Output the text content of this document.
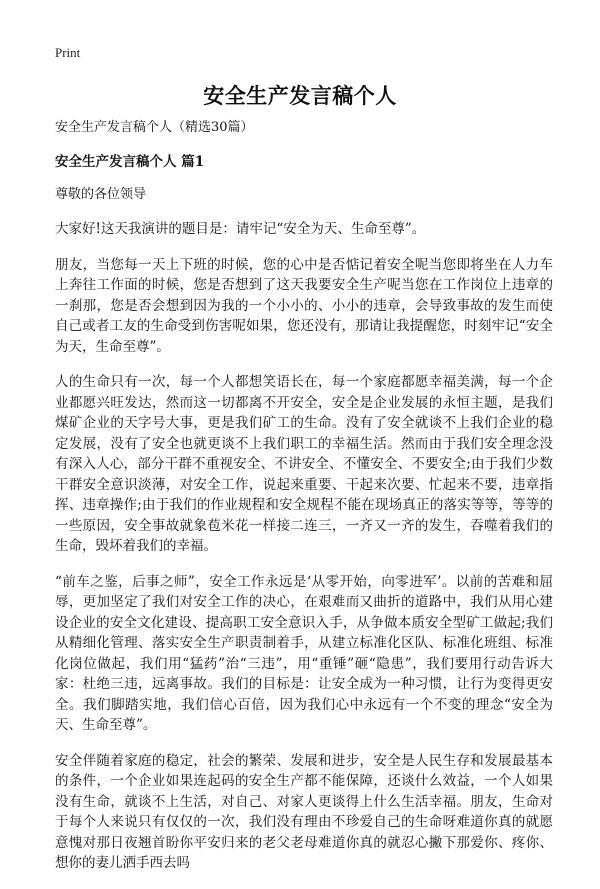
Print
安全生产发言稿个人

安全生产发言稿个人（精选30篇）

安全生产发言稿个人 篇1

尊敬的各位领导

大家好!这天我演讲的题目是：请牢记“安全为天、生命至尊”。

朋友，当您每一天上下班的时候，您的心中是否惦记着安全呢当您即将坐在人力车上奔往工作面的时候，您是否想到了这天我要安全生产呢当您在工作岗位上违章的一刹那，您是否会想到因为我的一个小小的、小小的违章，会导致事故的发生而使自己或者工友的生命受到伤害呢如果，您还没有，那请让我提醒您，时刻牢记“安全为天，生命至尊”。

人的生命只有一次，每一个人都想笑语长在，每一个家庭都愿幸福美满，每一个企业都愿兴旺发达，然而这一切都离不开安全，安全是企业发展的永恒主题，是我们煤矿企业的天字号大事，更是我们矿工的生命。没有了安全就谈不上我们企业的稳定发展，没有了安全也就更谈不上我们职工的幸福生活。然而由于我们安全理念没有深入人心，部分干群不重视安全、不讲安全、不懂安全、不要安全;由于我们少数干群安全意识淡薄，对安全工作，说起来重要、干起来次要、忙起来不要，违章指挥、违章操作;由于我们的作业规程和安全规程不能在现场真正的落实等等，等等的一些原因，安全事故就象苞米花一样接二连三，一齐又一齐的发生，吞噬着我们的生命，毁坏着我们的幸福。

“前车之鉴，后事之师”，安全工作永远是‘从零开始，向零进军’。以前的苦难和屈辱，更加坚定了我们对安全工作的决心，在艰难而又曲折的道路中，我们从用心建设企业的安全文化建设、提高职工安全意识入手，从争做本质安全型矿工做起;我们从精细化管理、落实安全生产职责制着手，从建立标准化区队、标准化班组、标准化岗位做起，我们用“猛药”治“三违”，用“重锤”砸“隐患”，我们要用行动告诉大家：杜绝三违，远离事故。我们的目标是：让安全成为一种习惯，让行为变得更安全。我们脚踏实地，我们信心百倍，因为我们心中永远有一个不变的理念“安全为天、生命至尊”。

安全伴随着家庭的稳定，社会的繁荣、发展和进步，安全是人民生存和发展最基本的条件，一个企业如果连起码的安全生产都不能保障，还谈什么效益，一个人如果没有生命，就谈不上生活，对自己、对家人更谈得上什么生活幸福。朋友，生命对于每个人来说只有仅仅的一次，我们没有理由不珍爱自己的生命呀难道你真的就愿意愧对那日夜翘首盼你平安归来的老父老母难道你真的就忍心撇下那爱你、疼你、想你的妻儿洒手西去吗
